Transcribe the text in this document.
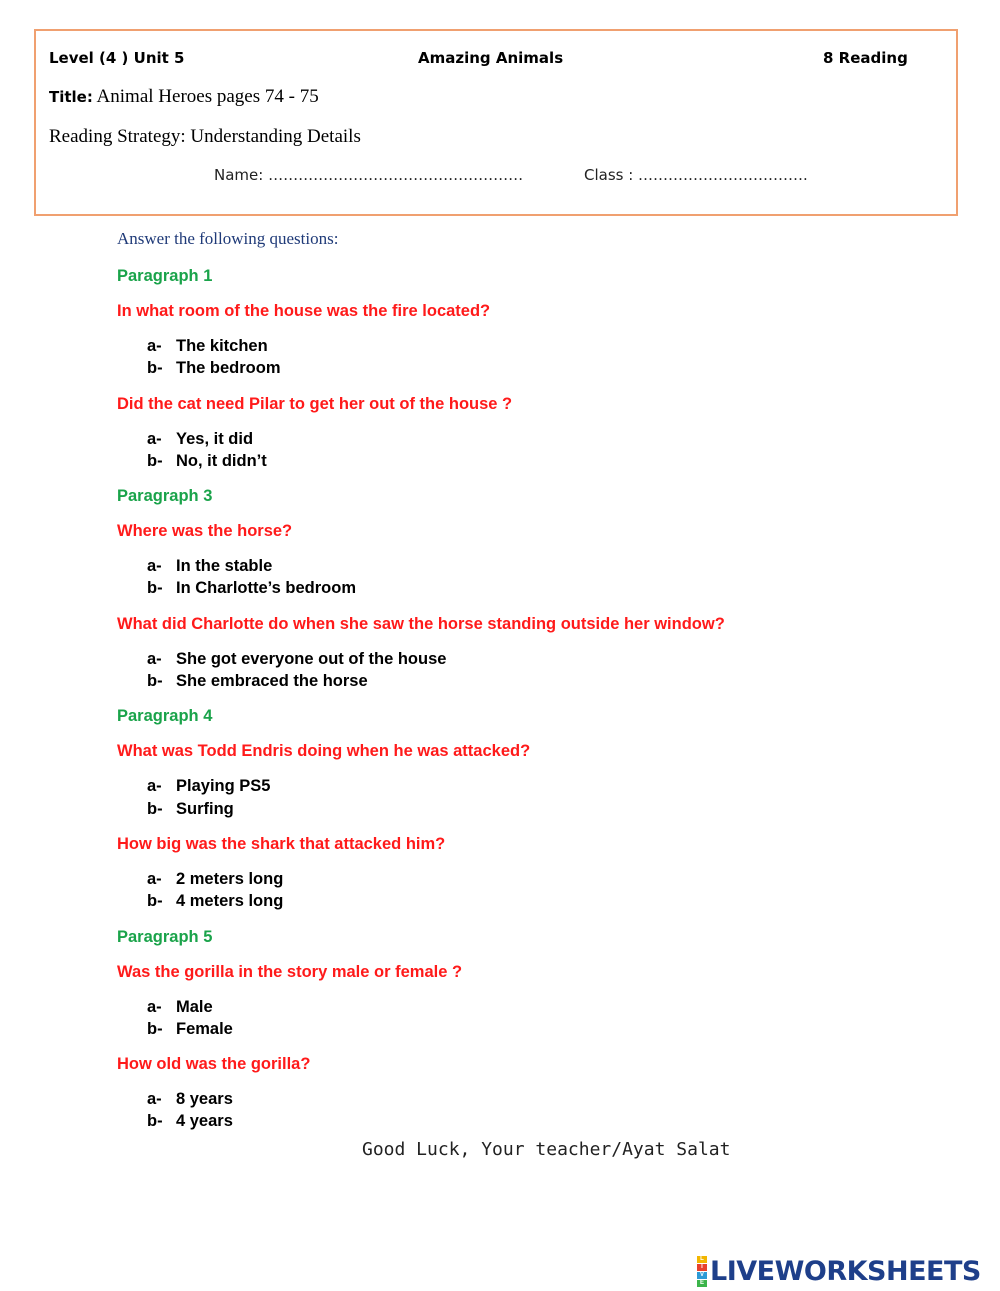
Level (4 ) Unit 5	Amazing Animals	8 Reading
Title: Animal Heroes pages 74 - 75
Reading Strategy: Understanding Details
Name: ……………………………………………	Class : …………………………….
Answer the following questions:

Paragraph 1

In what room of the house was the fire located?

a- The kitchen
b- The bedroom

Did the cat need Pilar to get her out of the house ?

a- Yes, it did
b- No, it didn’t

Paragraph 3

Where was the horse?

a- In the stable
b- In Charlotte’s bedroom

What did Charlotte do when she saw the horse standing outside her window?

a- She got everyone out of the house
b- She embraced the horse

Paragraph 4

What was Todd Endris doing when he was attacked?

a- Playing PS5
b- Surfing

How big was the shark that attacked him?

a- 2 meters long
b- 4 meters long

Paragraph 5

Was the gorilla in the story male or female ?

a- Male
b- Female

How old was the gorilla?

a- 8 years
b- 4 years
Good Luck, Your teacher/Ayat Salat
L
I
V
E LIVEWORKSHEETS
